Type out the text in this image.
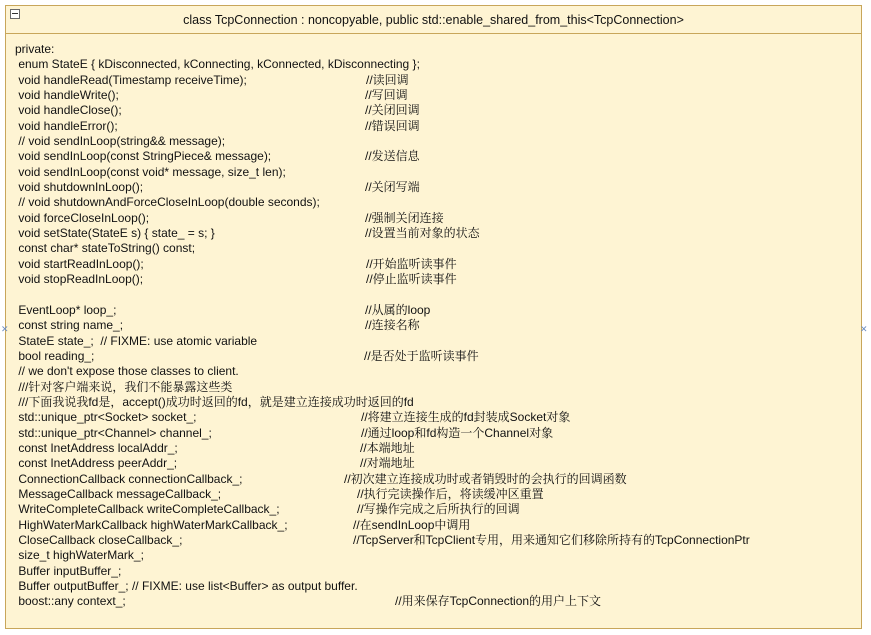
class TcpConnection : noncopyable, public std::enable_shared_from_this<TcpConnection>
private:
enum StateE { kDisconnected, kConnecting, kConnected, kDisconnecting };
void handleRead(Timestamp receiveTime);	//读回调
void handleWrite();	//写回调
void handleClose();	//关闭回调
void handleError();	//错误回调
// void sendInLoop(string&& message);
void sendInLoop(const StringPiece& message);	//发送信息
void sendInLoop(const void* message, size_t len);
void shutdownInLoop();	//关闭写端
// void shutdownAndForceCloseInLoop(double seconds);
void forceCloseInLoop();	//强制关闭连接
void setState(StateE s) { state_ = s; }	//设置当前对象的状态
const char* stateToString() const;
void startReadInLoop();	//开始监听读事件
void stopReadInLoop();	//停止监听读事件
EventLoop* loop_;	//从属的loop
const string name_;	//连接名称
StateE state_;  // FIXME: use atomic variable
bool reading_;	//是否处于监听读事件
// we don't expose those classes to client.
///针对客户端来说，我们不能暴露这些类
///下面我说我fd是，accept()成功时返回的fd，就是建立连接成功时返回的fd
std::unique_ptr<Socket> socket_;	//将建立连接生成的fd封装成Socket对象
std::unique_ptr<Channel> channel_;	//通过loop和fd构造一个Channel对象
const InetAddress localAddr_;	//本端地址
const InetAddress peerAddr_;	//对端地址
ConnectionCallback connectionCallback_;	//初次建立连接成功时或者销毁时的会执行的回调函数
MessageCallback messageCallback_;	//执行完读操作后，将读缓冲区重置
WriteCompleteCallback writeCompleteCallback_;	//写操作完成之后所执行的回调
HighWaterMarkCallback highWaterMarkCallback_;	//在sendInLoop中调用
CloseCallback closeCallback_;	//TcpServer和TcpClient专用，用来通知它们移除所持有的TcpConnectionPtr
size_t highWaterMark_;
Buffer inputBuffer_;
Buffer outputBuffer_; // FIXME: use list<Buffer> as output buffer.
boost::any context_;	//用来保存TcpConnection的用户上下文
✕	✕
